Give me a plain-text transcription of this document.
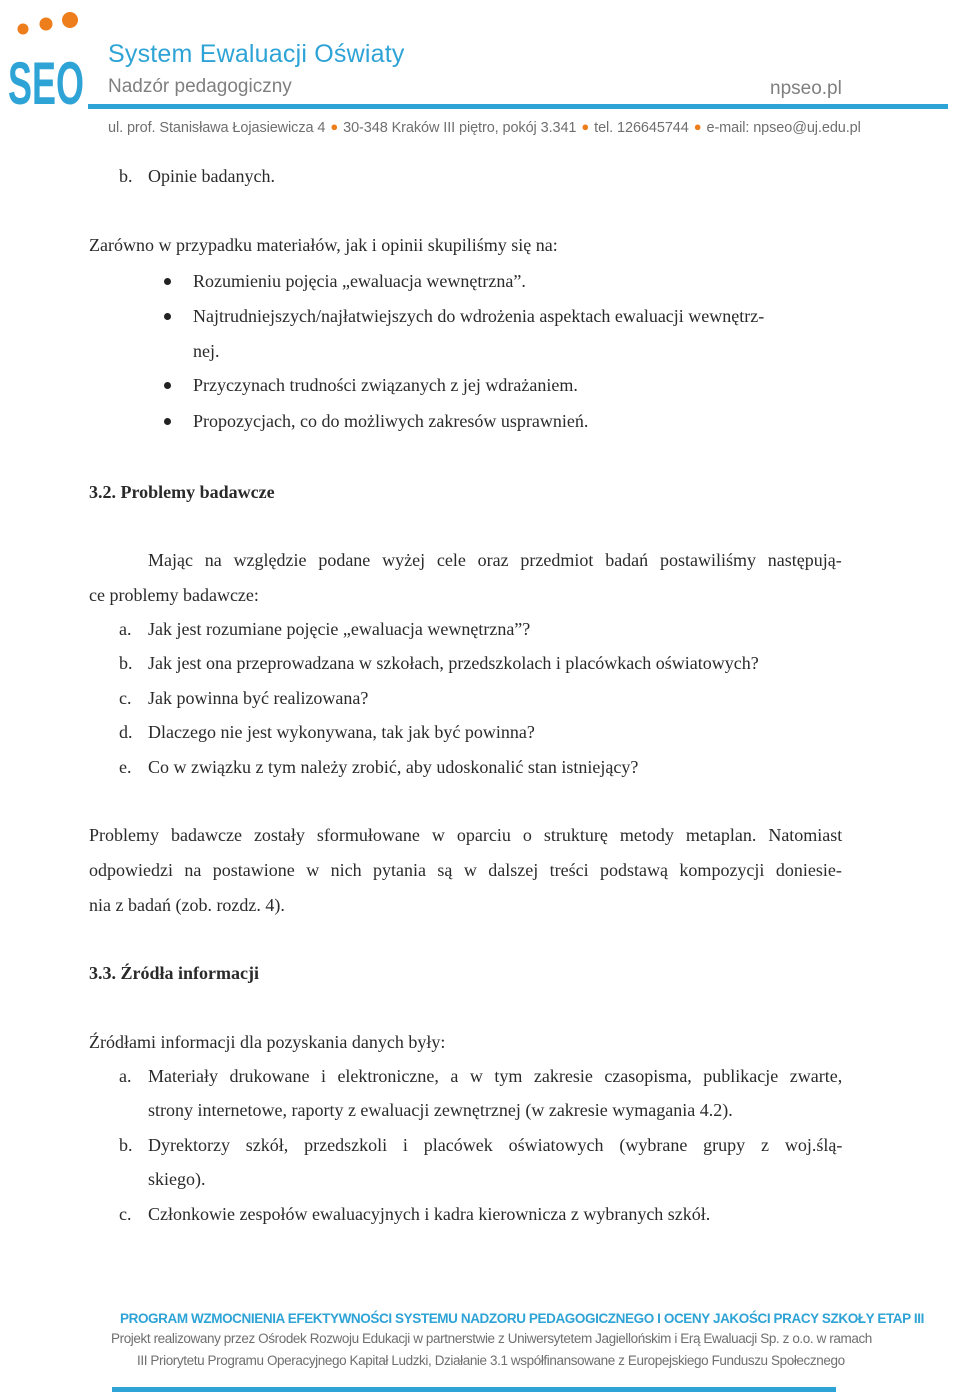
SEO System Ewaluacji Oświaty
Nadzór pedagogiczny	npseo.pl
ul. prof. Stanisława Łojasiewicza 4 ● 30-348 Kraków III piętro, pokój 3.341 ● tel. 126645744 ● e-mail: npseo@uj.edu.pl
b. Opinie badanych.
Zarówno w przypadku materiałów, jak i opinii skupiliśmy się na:
Rozumieniu pojęcia „ewaluacja wewnętrzna”.
Najtrudniejszych/najłatwiejszych do wdrożenia aspektach ewaluacji wewnętrz-
nej.
Przyczynach trudności związanych z jej wdrażaniem.
Propozycjach, co do możliwych zakresów usprawnień.
3.2. Problemy badawcze
Mając na względzie podane wyżej cele oraz przedmiot badań postawiliśmy następują-
ce problemy badawcze:
a. Jak jest rozumiane pojęcie „ewaluacja wewnętrzna”?
b. Jak jest ona przeprowadzana w szkołach, przedszkolach i placówkach oświatowych?
c. Jak powinna być realizowana?
d. Dlaczego nie jest wykonywana, tak jak być powinna?
e. Co w związku z tym należy zrobić, aby udoskonalić stan istniejący?
Problemy badawcze zostały sformułowane w oparciu o strukturę metody metaplan. Natomiast
odpowiedzi na postawione w nich pytania są w dalszej treści podstawą kompozycji doniesie-
nia z badań (zob. rozdz. 4).
3.3. Źródła informacji
Źródłami informacji dla pozyskania danych były:
a. Materiały drukowane i elektroniczne, a w tym zakresie czasopisma, publikacje zwarte,
strony internetowe, raporty z ewaluacji zewnętrznej (w zakresie wymagania 4.2).
b. Dyrektorzy szkół, przedszkoli i placówek oświatowych (wybrane grupy z woj.ślą-
skiego).
c. Członkowie zespołów ewaluacyjnych i kadra kierownicza z wybranych szkół.
PROGRAM WZMOCNIENIA EFEKTYWNOŚCI SYSTEMU NADZORU PEDAGOGICZNEGO I OCENY JAKOŚCI PRACY SZKOŁY ETAP III
Projekt realizowany przez Ośrodek Rozwoju Edukacji w partnerstwie z Uniwersytetem Jagiellońskim i Erą Ewaluacji Sp. z o.o. w ramach
III Priorytetu Programu Operacyjnego Kapitał Ludzki, Działanie 3.1 współfinansowane z Europejskiego Funduszu Społecznego
